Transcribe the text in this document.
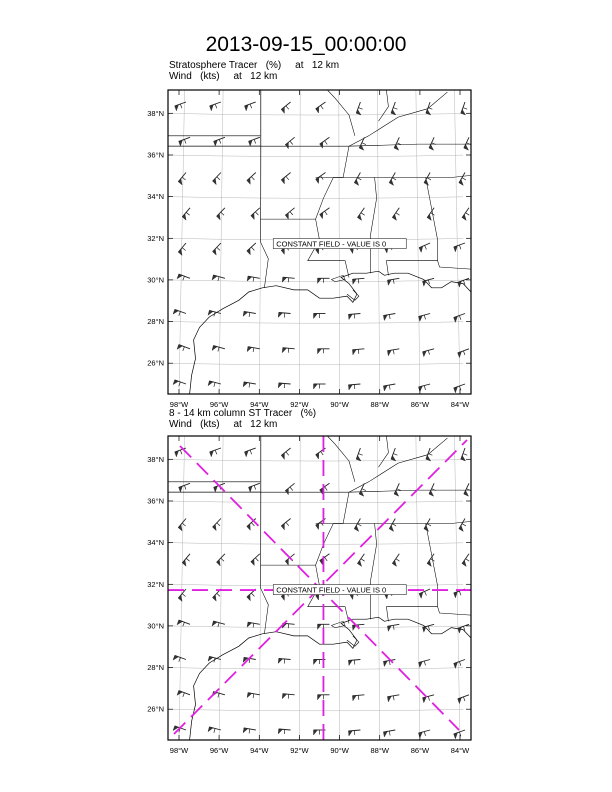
2013-09-15_00:00:00
Stratosphere Tracer   (%) at   12 km
Wind   (kts) at   12 km
8 - 14 km column ST Tracer   (%)
Wind   (kts) at   12 km
CONSTANT FIELD - VALUE IS 0
26°N
28°N
30°N
32°N
34°N
36°N
38°N
98°W	96°W	94°W	92°W	90°W	88°W	86°W	84°W
CONSTANT FIELD - VALUE IS 0
26°N
28°N
30°N
32°N
34°N
36°N
38°N
98°W	96°W	94°W	92°W	90°W	88°W	86°W	84°W
